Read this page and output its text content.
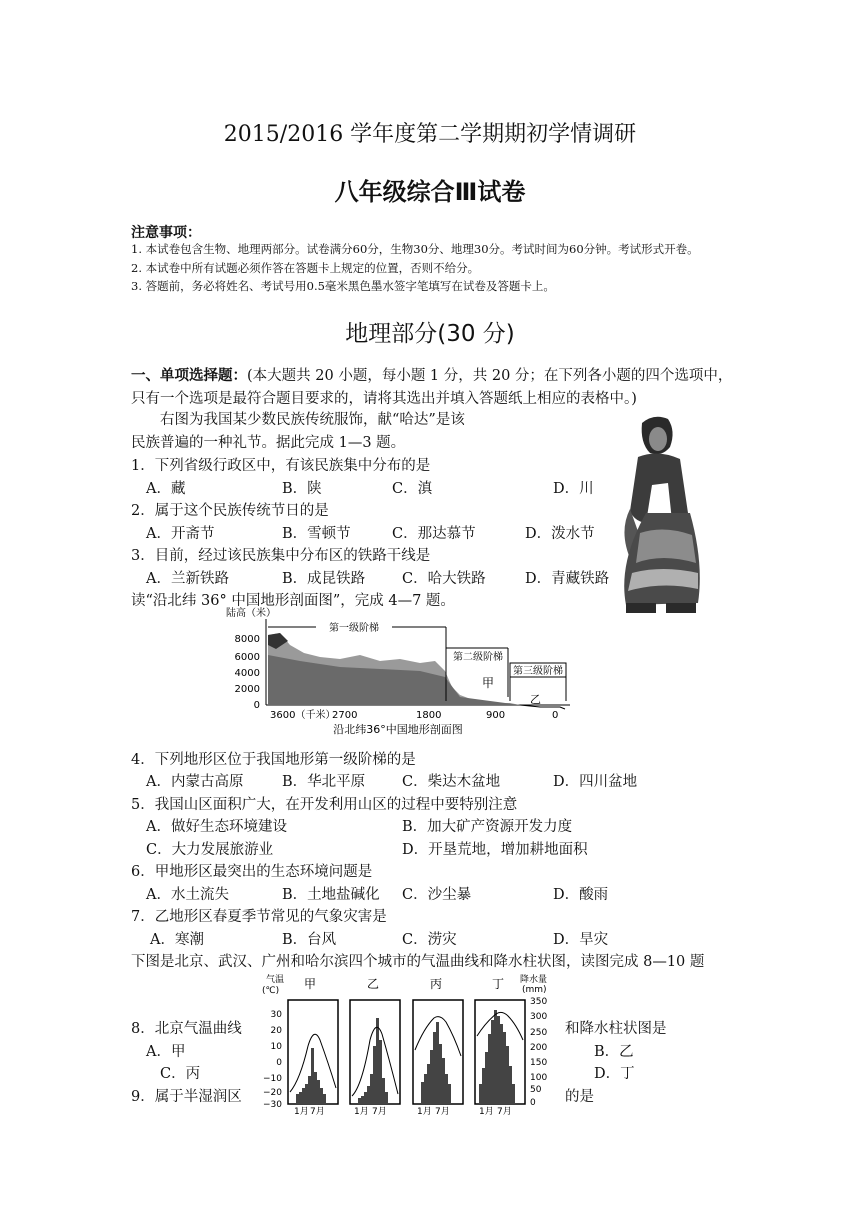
2015/2016 学年度第二学期期初学情调研
八年级综合Ⅲ试卷
注意事项：
1. 本试卷包含生物、地理两部分。试卷满分60分，生物30分、地理30分。考试时间为60分钟。考试形式开卷。
2. 本试卷中所有试题必须作答在答题卡上规定的位置，否则不给分。
3. 答题前，务必将姓名、考试号用0.5毫米黑色墨水签字笔填写在试卷及答题卡上。
地理部分(30 分)
一、单项选择题：(本大题共 20 小题，每小题 1 分，共 20 分；在下列各小题的四个选项中，
只有一个选项是最符合题目要求的，请将其选出并填入答题纸上相应的表格中。)
右图为我国某少数民族传统服饰，献“哈达”是该
民族普遍的一种礼节。据此完成 1—3 题。
1．下列省级行政区中，有该民族集中分布的是
A．藏	B．陕	C．滇	D．川
2．属于这个民族传统节日的是
A．开斋节	B．雪顿节	C．那达慕节	D．泼水节
3．目前，经过该民族集中分布区的铁路干线是
A．兰新铁路	B．成昆铁路	C．哈大铁路	D．青藏铁路
读“沿北纬 36° 中国地形剖面图”，完成 4—7 题。
陆高（米）
8000
6000
4000
2000
0
第一级阶梯
第二级阶梯
第三级阶梯
甲
乙
3600（千米）
2700	1800	900	0
沿北纬36°中国地形剖面图
4．下列地形区位于我国地形第一级阶梯的是
A．内蒙古高原	B．华北平原	C．柴达木盆地	D．四川盆地
5．我国山区面积广大，在开发利用山区的过程中要特别注意
A．做好生态环境建设	B．加大矿产资源开发力度
C．大力发展旅游业	D．开垦荒地，增加耕地面积
6．甲地形区最突出的生态环境问题是
A．水土流失	B．土地盐碱化 C．沙尘暴	D．酸雨
7．乙地形区春夏季节常见的气象灾害是
A．寒潮	B．台风	C．涝灾	D．旱灾
下图是北京、武汉、广州和哈尔滨四个城市的气温曲线和降水柱状图，读图完成 8—10 题
气温
(℃)
降水量
(mm)
30
20
10
0
−10
−20
−30
350
300
250
200
150
100
50
0
甲
1月 7月
乙
1月 7月
丙
1月 7月
丁
1月 7月
8．北京气温曲线	和降水柱状图是
A．甲	B．乙
C．丙	D．丁
9．属于半湿润区	的是
